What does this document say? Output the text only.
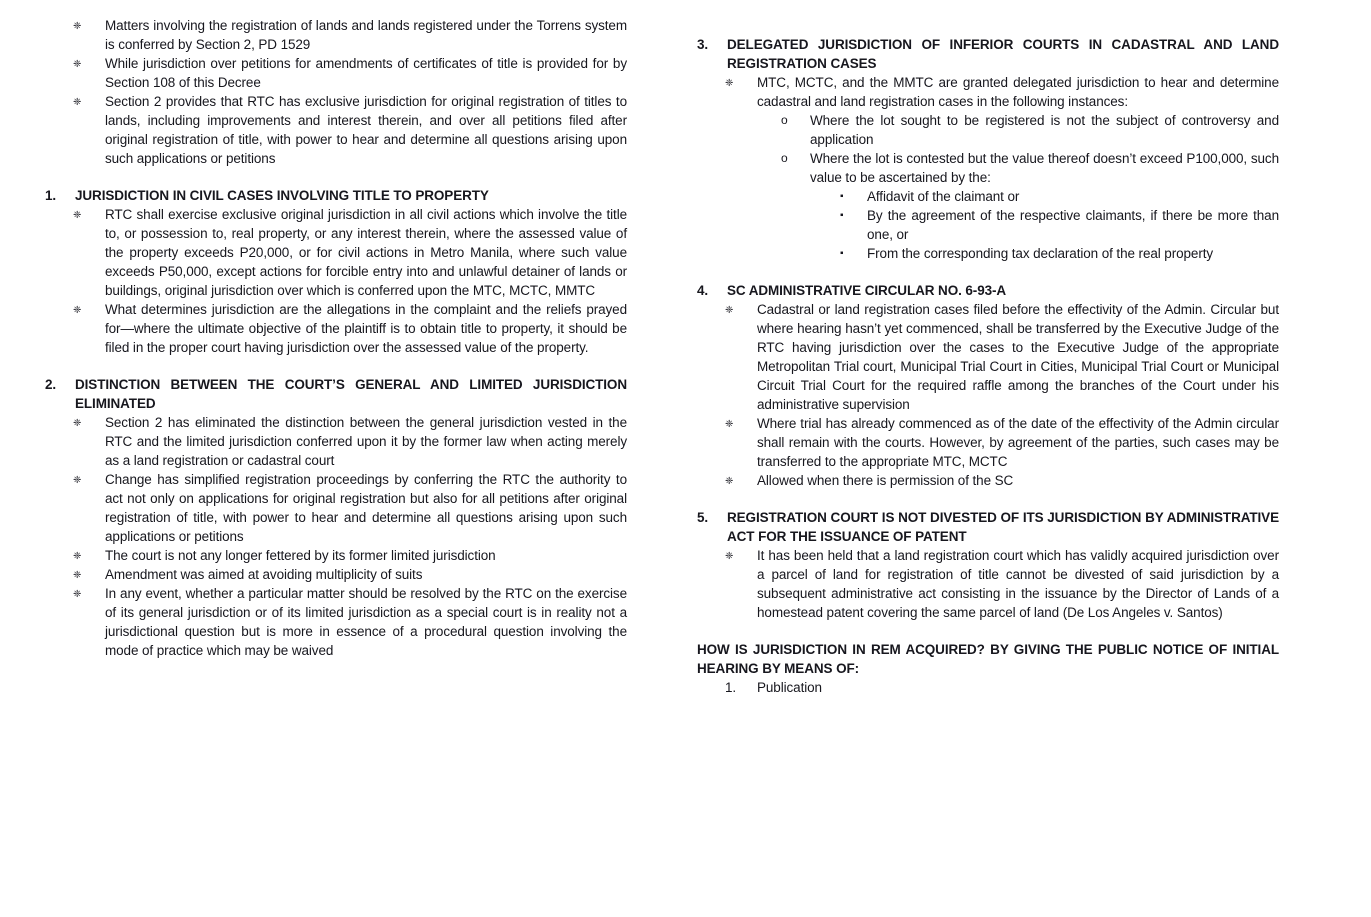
❈ Matters involving the registration of lands and lands registered under the Torrens system is conferred by Section 2, PD 1529
❈ While jurisdiction over petitions for amendments of certificates of title is provided for by Section 108 of this Decree
❈ Section 2 provides that RTC has exclusive jurisdiction for original registration of titles to lands, including improvements and interest therein, and over all petitions filed after original registration of title, with power to hear and determine all questions arising upon such applications or petitions
1. JURISDICTION IN CIVIL CASES INVOLVING TITLE TO PROPERTY
❈ RTC shall exercise exclusive original jurisdiction in all civil actions which involve the title to, or possession to, real property, or any interest therein, where the assessed value of the property exceeds P20,000, or for civil actions in Metro Manila, where such value exceeds P50,000, except actions for forcible entry into and unlawful detainer of lands or buildings, original jurisdiction over which is conferred upon the MTC, MCTC, MMTC
❈ What determines jurisdiction are the allegations in the complaint and the reliefs prayed for—where the ultimate objective of the plaintiff is to obtain title to property, it should be filed in the proper court having jurisdiction over the assessed value of the property.
2. DISTINCTION BETWEEN THE COURT’S GENERAL AND LIMITED JURISDICTION ELIMINATED
❈ Section 2 has eliminated the distinction between the general jurisdiction vested in the RTC and the limited jurisdiction conferred upon it by the former law when acting merely as a land registration or cadastral court
❈ Change has simplified registration proceedings by conferring the RTC the authority to act not only on applications for original registration but also for all petitions after original registration of title, with power to hear and determine all questions arising upon such applications or petitions
❈ The court is not any longer fettered by its former limited jurisdiction
❈ Amendment was aimed at avoiding multiplicity of suits
❈ In any event, whether a particular matter should be resolved by the RTC on the exercise of its general jurisdiction or of its limited jurisdiction as a special court is in reality not a jurisdictional question but is more in essence of a procedural question involving the mode of practice which may be waived
3. DELEGATED JURISDICTION OF INFERIOR COURTS IN CADASTRAL AND LAND REGISTRATION CASES
❈ MTC, MCTC, and the MMTC are granted delegated jurisdiction to hear and determine cadastral and land registration cases in the following instances:
o Where the lot sought to be registered is not the subject of controversy and application
o Where the lot is contested but the value thereof doesn’t exceed P100,000, such value to be ascertained by the:
▪ Affidavit of the claimant or
▪ By the agreement of the respective claimants, if there be more than one, or
▪ From the corresponding tax declaration of the real property
4. SC ADMINISTRATIVE CIRCULAR NO. 6-93-A
❈ Cadastral or land registration cases filed before the effectivity of the Admin. Circular but where hearing hasn’t yet commenced, shall be transferred by the Executive Judge of the RTC having jurisdiction over the cases to the Executive Judge of the appropriate Metropolitan Trial court, Municipal Trial Court in Cities, Municipal Trial Court or Municipal Circuit Trial Court for the required raffle among the branches of the Court under his administrative supervision
❈ Where trial has already commenced as of the date of the effectivity of the Admin circular shall remain with the courts. However, by agreement of the parties, such cases may be transferred to the appropriate MTC, MCTC
❈ Allowed when there is permission of the SC
5. REGISTRATION COURT IS NOT DIVESTED OF ITS JURISDICTION BY ADMINISTRATIVE ACT FOR THE ISSUANCE OF PATENT
❈ It has been held that a land registration court which has validly acquired jurisdiction over a parcel of land for registration of title cannot be divested of said jurisdiction by a subsequent administrative act consisting in the issuance by the Director of Lands of a homestead patent covering the same parcel of land (De Los Angeles v. Santos)
HOW IS JURISDICTION IN REM ACQUIRED? BY GIVING THE PUBLIC NOTICE OF INITIAL HEARING BY MEANS OF:
1. Publication
